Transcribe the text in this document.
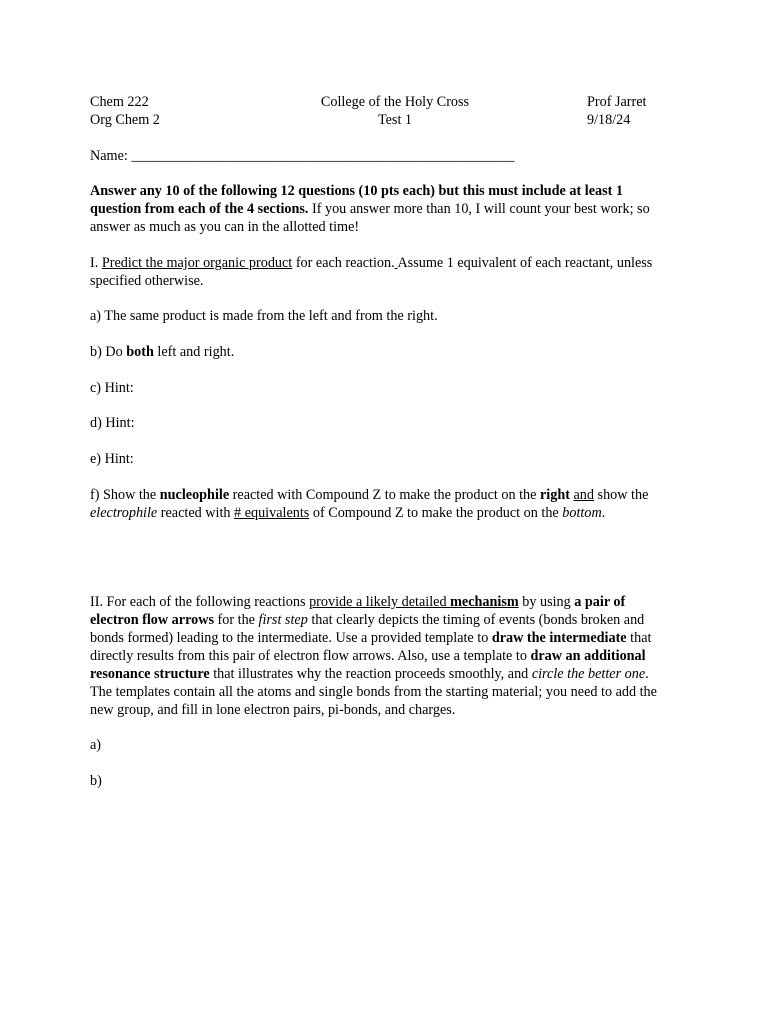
Chem 222
Org Chem 2
College of the Holy Cross
Test 1
Prof Jarret
9/18/24
Name: ______________________________________________________
Answer any 10 of the following 12 questions (10 pts each) but this must include at least 1 question from each of the 4 sections. If you answer more than 10, I will count your best work; so answer as much as you can in the allotted time!
I. Predict the major organic product for each reaction. Assume 1 equivalent of each reactant, unless specified otherwise.
a) The same product is made from the left and from the right.
b) Do both left and right.
c) Hint:
d) Hint:
e) Hint:
f) Show the nucleophile reacted with Compound Z to make the product on the right and show the electrophile reacted with # equivalents of Compound Z to make the product on the bottom.
II. For each of the following reactions provide a likely detailed mechanism by using a pair of electron flow arrows for the first step that clearly depicts the timing of events (bonds broken and bonds formed) leading to the intermediate. Use a provided template to draw the intermediate that directly results from this pair of electron flow arrows. Also, use a template to draw an additional resonance structure that illustrates why the reaction proceeds smoothly, and circle the better one. The templates contain all the atoms and single bonds from the starting material; you need to add the new group, and fill in lone electron pairs, pi-bonds, and charges.
a)
b)
